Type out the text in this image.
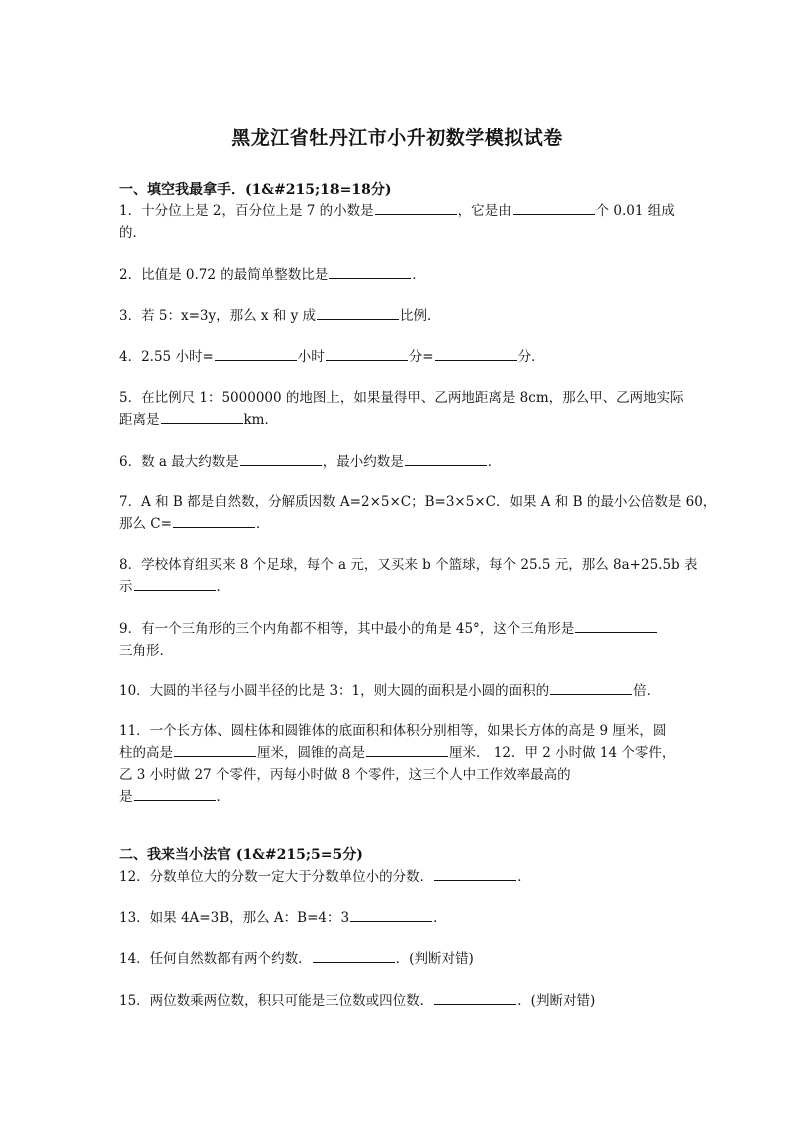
黑龙江省牡丹江市小升初数学模拟试卷
一、填空我最拿手．(1&#215;18=18分)
1．十分位上是 2，百分位上是 7 的小数是	，它是由	个 0.01 组成
的．
2．比值是 0.72 的最简单整数比是	．
3．若 5：x=3y，那么 x 和 y 成	比例．
4．2.55 小时=	小时	分=	分．
5．在比例尺 1：5000000 的地图上，如果量得甲、乙两地距离是 8cm，那么甲、乙两地实际
距离是	km．
6．数 a 最大约数是	，最小约数是	．
7．A 和 B 都是自然数，分解质因数 A=2×5×C；B=3×5×C．如果 A 和 B 的最小公倍数是 60，
那么 C=	．
8．学校体育组买来 8 个足球，每个 a 元，又买来 b 个篮球，每个 25.5 元，那么 8a+25.5b 表
示	．
9．有一个三角形的三个内角都不相等，其中最小的角是 45°，这个三角形是
三角形．
10．大圆的半径与小圆半径的比是 3：1，则大圆的面积是小圆的面积的	倍．
11．一个长方体、圆柱体和圆锥体的底面积和体积分别相等，如果长方体的高是 9 厘米，圆
柱的高是	厘米，圆锥的高是	厘米． 12．甲 2 小时做 14 个零件，
乙 3 小时做 27 个零件，丙每小时做 8 个零件，这三个人中工作效率最高的
是	．
二、我来当小法官 (1&#215;5=5分)
12．分数单位大的分数一定大于分数单位小的分数．	．
13．如果 4A=3B，那么 A：B=4：3	．
14．任何自然数都有两个约数．	．(判断对错)
15．两位数乘两位数，积只可能是三位数或四位数．	．(判断对错)
